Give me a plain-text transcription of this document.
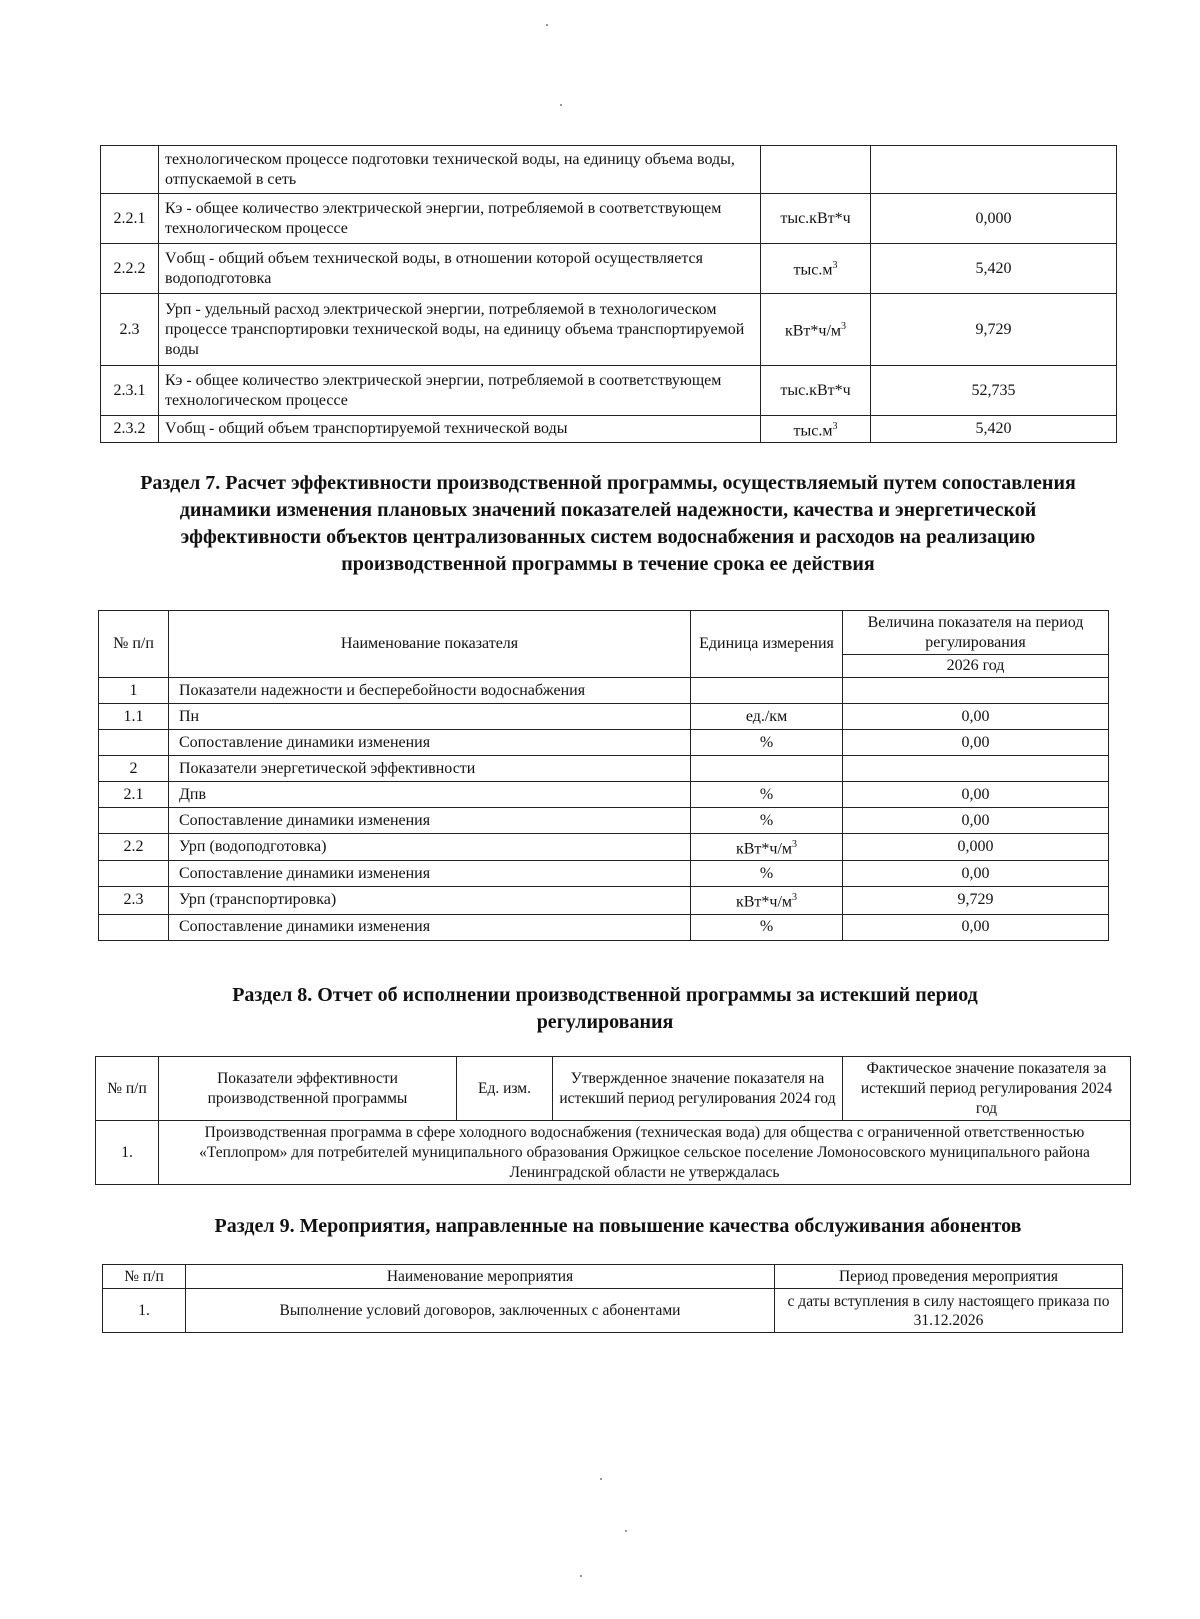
	технологическом процессе подготовки технической воды, на единицу объема воды, отпускаемой в сеть		
2.2.1	Кэ - общее количество электрической энергии, потребляемой в соответствующем технологическом процессе	тыс.кВт*ч	0,000
2.2.2	Vобщ - общий объем технической воды, в отношении которой осуществляется водоподготовка	$тыс.м^3$	5,420
2.3	Урп - удельный расход электрической энергии, потребляемой в технологическом процессе транспортировки технической воды, на единицу объема транспортируемой воды	$кВт*ч/м^3$	9,729
2.3.1	Кэ - общее количество электрической энергии, потребляемой в соответствующем технологическом процессе	тыс.кВт*ч	52,735
2.3.2	Vобщ - общий объем транспортируемой технической воды	$тыс.м^3$	5,420
Раздел 7. Расчет эффективности производственной программы, осуществляемый путем сопоставления динамики изменения плановых значений показателей надежности, качества и энергетической эффективности объектов централизованных систем водоснабжения и расходов на реализацию производственной программы в течение срока ее действия
№ п/п	Наименование показателя	Единица измерения	Величина показателя на период регулирования
			2026 год
1	Показатели надежности и бесперебойности водоснабжения		
1.1	Пн	ед./км	0,00
	Сопоставление динамики изменения	%	0,00
2	Показатели энергетической эффективности		
2.1	Дпв	%	0,00
	Сопоставление динамики изменения	%	0,00
2.2	Урп (водоподготовка)	$кВт*ч/м^3$	0,000
	Сопоставление динамики изменения	%	0,00
2.3	Урп (транспортировка)	$кВт*ч/м^3$	9,729
	Сопоставление динамики изменения	%	0,00
Раздел 8. Отчет об исполнении производственной программы за истекший период регулирования
№ п/п	Показатели эффективности производственной программы	Ед. изм.	Утвержденное значение показателя на истекший период регулирования 2024 год	Фактическое значение показателя за истекший период регулирования 2024 год
1.	Производственная программа в сфере холодного водоснабжения (техническая вода) для общества с ограниченной ответственностью «Теплопром» для потребителей муниципального образования Оржицкое сельское поселение Ломоносовского муниципального района Ленинградской области не утверждалась			
Раздел 9. Мероприятия, направленные на повышение качества обслуживания абонентов
№ п/п	Наименование мероприятия	Период проведения мероприятия
1.	Выполнение условий договоров, заключенных с абонентами	с даты вступления в силу настоящего приказа по 31.12.2026
